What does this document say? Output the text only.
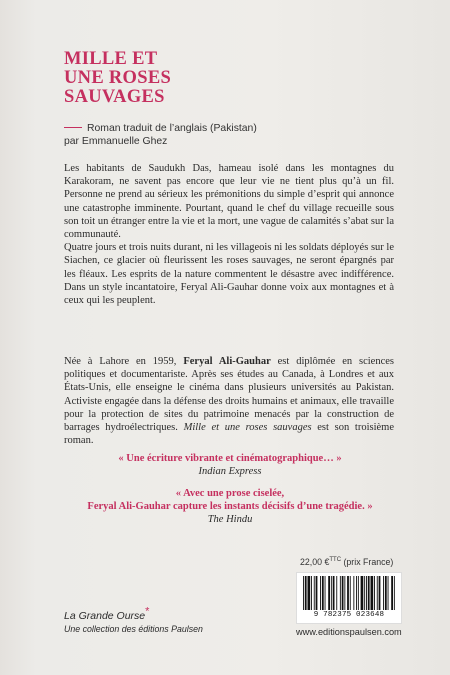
MILLE ET
UNE ROSES
SAUVAGES
Roman traduit de l’anglais (Pakistan)
par Emmanuelle Ghez

Les habitants de Saudukh Das, hameau isolé dans les montagnes du Karakoram, ne savent pas encore que leur vie ne tient plus qu’à un fil. Personne ne prend au sérieux les prémonitions du simple d’esprit qui annonce une catastrophe imminente. Pourtant, quand le chef du village recueille sous son toit un étranger entre la vie et la mort, une vague de calamités s’abat sur la communauté.

Quatre jours et trois nuits durant, ni les villageois ni les soldats déployés sur le Siachen, ce glacier où fleurissent les roses sauvages, ne seront épargnés par les fléaux. Les esprits de la nature commentent le désastre avec indifférence. Dans un style incantatoire, Feryal Ali-Gauhar donne voix aux montagnes et à ceux qui les peuplent.

Née à Lahore en 1959, Feryal Ali-Gauhar est diplômée en sciences politiques et documentariste. Après ses études au Canada, à Londres et aux États-Unis, elle enseigne le cinéma dans plusieurs universités au Pakistan. Activiste engagée dans la défense des droits humains et animaux, elle travaille pour la protection de sites du patrimoine menacés par la construction de barrages hydroélectriques. Mille et une roses sauvages est son troisième roman.
« Une écriture vibrante et cinématographique… »
Indian Express
« Avec une prose ciselée,
Feryal Ali-Gauhar capture les instants décisifs d’une tragédie. »
The Hindu
22,00 €$^{TTC}$ (prix France)
9 782375 023648
La Grande Ourse*
Une collection des éditions Paulsen	www.editionspaulsen.com
